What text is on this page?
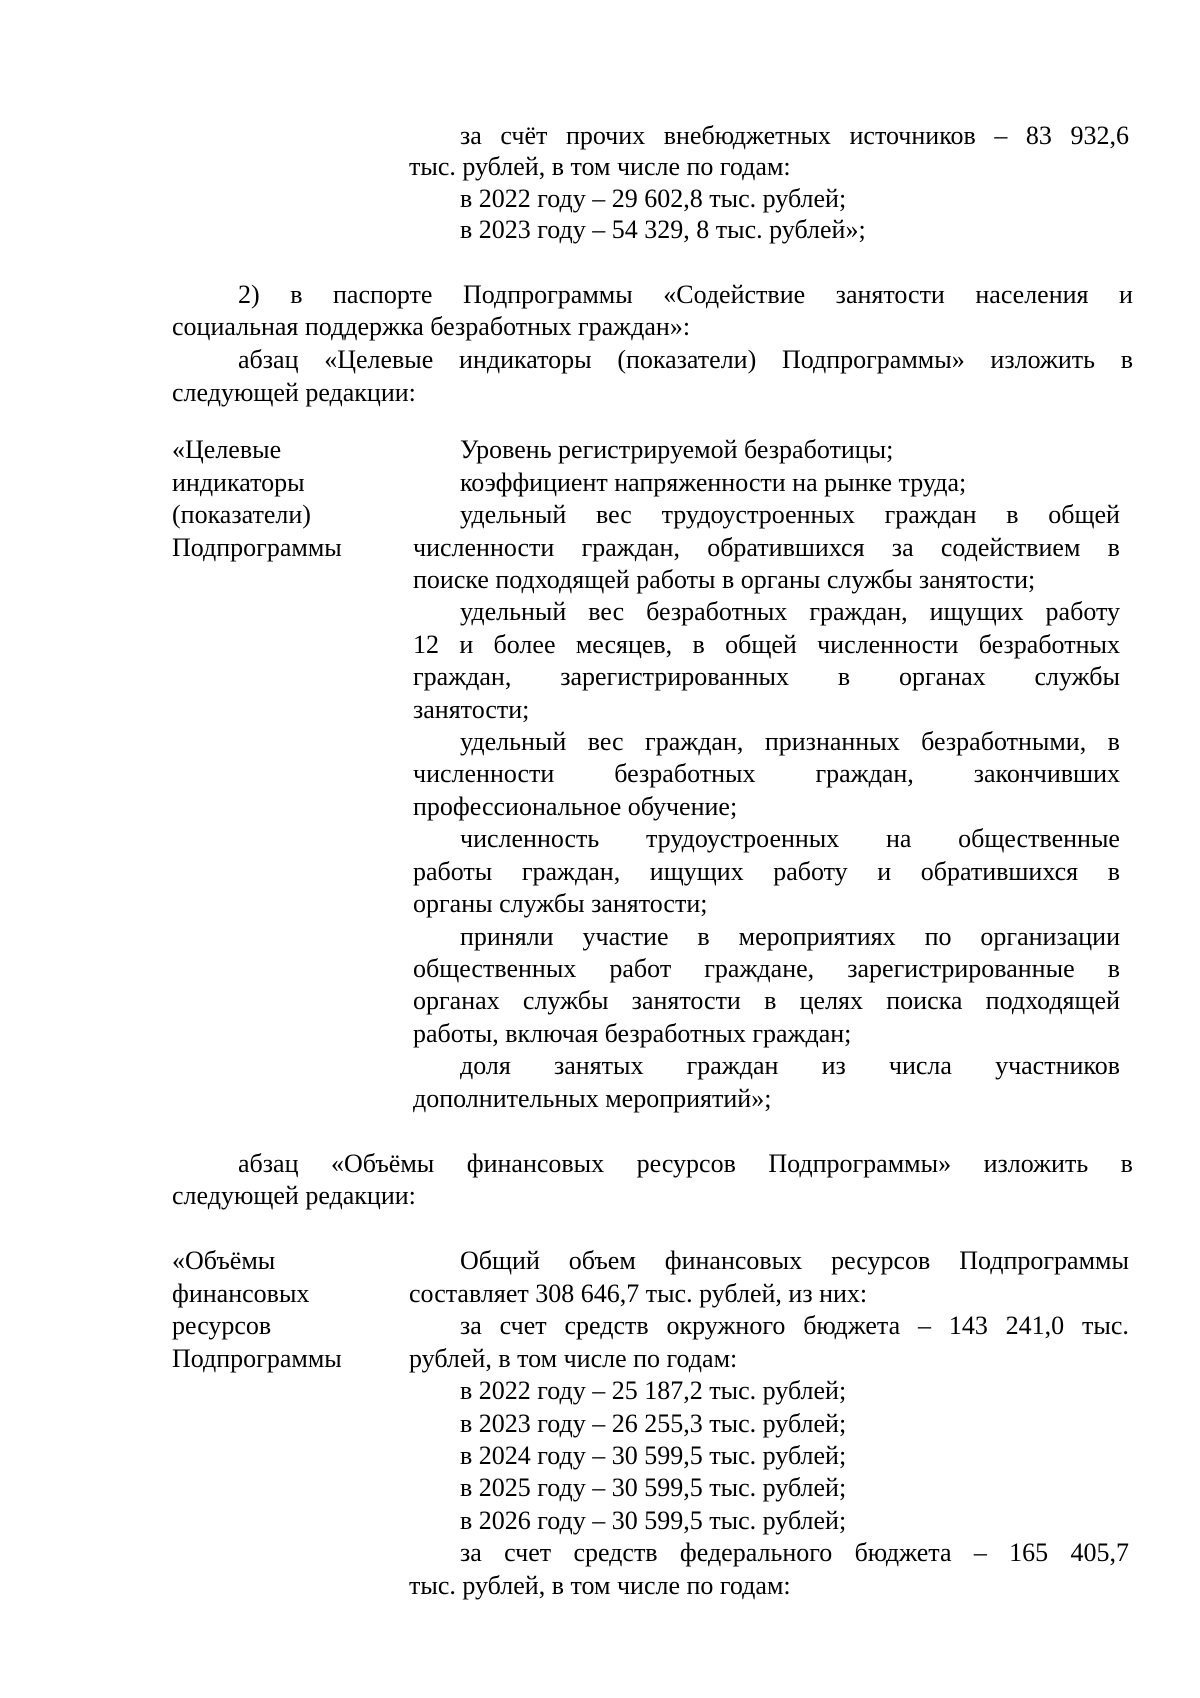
за счёт прочих внебюджетных источников – 83 932,6
тыс. рублей, в том числе по годам:
в 2022 году – 29 602,8 тыс. рублей;
в 2023 году – 54 329, 8 тыс. рублей»;
2) в паспорте Подпрограммы «Содействие занятости населения и
социальная поддержка безработных граждан»:
абзац «Целевые индикаторы (показатели) Подпрограммы» изложить в
следующей редакции:
«Целевые
индикаторы
(показатели)
Подпрограммы
Уровень регистрируемой безработицы;
коэффициент напряженности на рынке труда;
удельный вес трудоустроенных граждан в общей
численности граждан, обратившихся за содействием в
поиске подходящей работы в органы службы занятости;
удельный вес безработных граждан, ищущих работу
12 и более месяцев, в общей численности безработных
граждан, зарегистрированных в органах службы
занятости;
удельный вес граждан, признанных безработными, в
численности безработных граждан, закончивших
профессиональное обучение;
численность трудоустроенных на общественные
работы граждан, ищущих работу и обратившихся в
органы службы занятости;
приняли участие в мероприятиях по организации
общественных работ граждане, зарегистрированные в
органах службы занятости в целях поиска подходящей
работы, включая безработных граждан;
доля занятых граждан из числа участников
дополнительных мероприятий»;
абзац «Объёмы финансовых ресурсов Подпрограммы» изложить в
следующей редакции:
«Объёмы
финансовых
ресурсов
Подпрограммы
Общий объем финансовых ресурсов Подпрограммы
составляет 308 646,7 тыс. рублей, из них:
за счет средств окружного бюджета – 143 241,0 тыс.
рублей, в том числе по годам:
в 2022 году – 25 187,2 тыс. рублей;
в 2023 году – 26 255,3 тыс. рублей;
в 2024 году – 30 599,5 тыс. рублей;
в 2025 году – 30 599,5 тыс. рублей;
в 2026 году – 30 599,5 тыс. рублей;
за счет средств федерального бюджета – 165 405,7
тыс. рублей, в том числе по годам:
